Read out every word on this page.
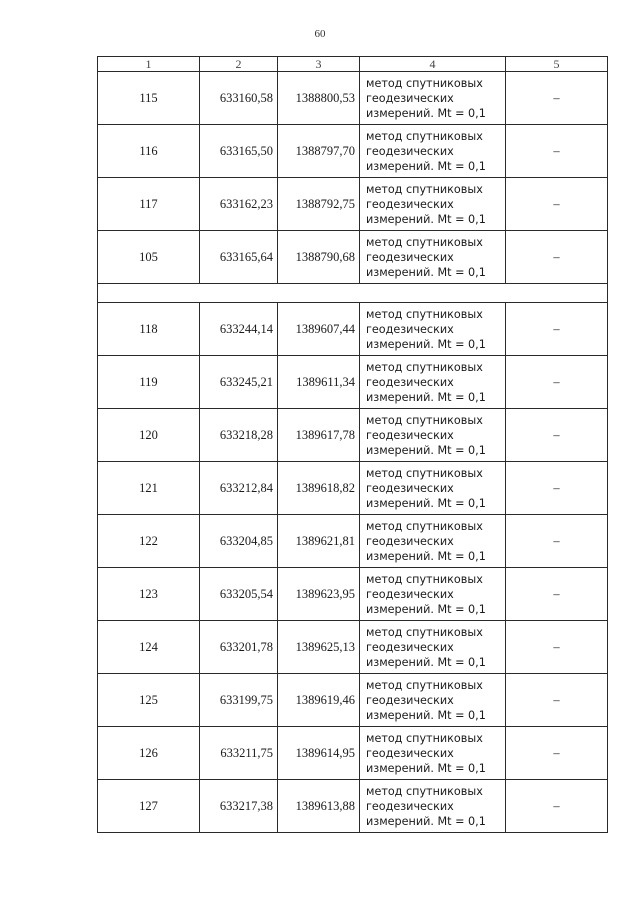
60
1	2	3	4	5
115	633160,58	1388800,53	метод спутниковых
геодезических
измерений. Mt = 0,1	–
116	633165,50	1388797,70	метод спутниковых
геодезических
измерений. Mt = 0,1	–
117	633162,23	1388792,75	метод спутниковых
геодезических
измерений. Mt = 0,1	–
105	633165,64	1388790,68	метод спутниковых
геодезических
измерений. Mt = 0,1	–

118	633244,14	1389607,44	метод спутниковых
геодезических
измерений. Mt = 0,1	–
119	633245,21	1389611,34	метод спутниковых
геодезических
измерений. Mt = 0,1	–
120	633218,28	1389617,78	метод спутниковых
геодезических
измерений. Mt = 0,1	–
121	633212,84	1389618,82	метод спутниковых
геодезических
измерений. Mt = 0,1	–
122	633204,85	1389621,81	метод спутниковых
геодезических
измерений. Mt = 0,1	–
123	633205,54	1389623,95	метод спутниковых
геодезических
измерений. Mt = 0,1	–
124	633201,78	1389625,13	метод спутниковых
геодезических
измерений. Mt = 0,1	–
125	633199,75	1389619,46	метод спутниковых
геодезических
измерений. Mt = 0,1	–
126	633211,75	1389614,95	метод спутниковых
геодезических
измерений. Mt = 0,1	–
127	633217,38	1389613,88	метод спутниковых
геодезических
измерений. Mt = 0,1	–
